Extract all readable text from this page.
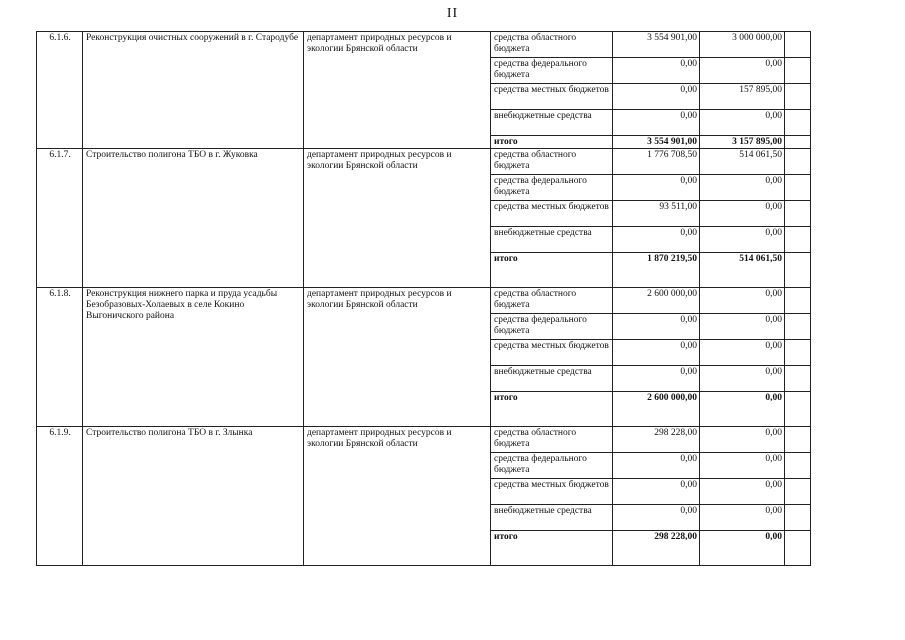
II
6.1.6.	Реконструкция очистных сооружений в г. Стародубе	департамент природных ресурсов и экологии Брянской области	средства областного бюджета	3 554 901,00	3 000 000,00	
			средства федерального бюджета	0,00	0,00	
			средства местных бюджетов	0,00	157 895,00	
			внебюджетные средства	0,00	0,00	
			итого	3 554 901,00	3 157 895,00	
6.1.7.	Строительство полигона ТБО в г. Жуковка	департамент природных ресурсов и экологии Брянской области	средства областного бюджета	1 776 708,50	514 061,50	
			средства федерального бюджета	0,00	0,00	
			средства местных бюджетов	93 511,00	0,00	
			внебюджетные средства	0,00	0,00	
			итого	1 870 219,50	514 061,50	
6.1.8.	Реконструкция нижнего парка и пруда усадьбы Безобразовых-Холаевых в селе Кокино Выгоничского района	департамент природных ресурсов и экологии Брянской области	средства областного бюджета	2 600 000,00	0,00	
			средства федерального бюджета	0,00	0,00	
			средства местных бюджетов	0,00	0,00	
			внебюджетные средства	0,00	0,00	
			итого	2 600 000,00	0,00	
6.1.9.	Строительство полигона ТБО в г. Злынка	департамент природных ресурсов и экологии Брянской области	средства областного бюджета	298 228,00	0,00	
			средства федерального бюджета	0,00	0,00	
			средства местных бюджетов	0,00	0,00	
			внебюджетные средства	0,00	0,00	
			итого	298 228,00	0,00	
